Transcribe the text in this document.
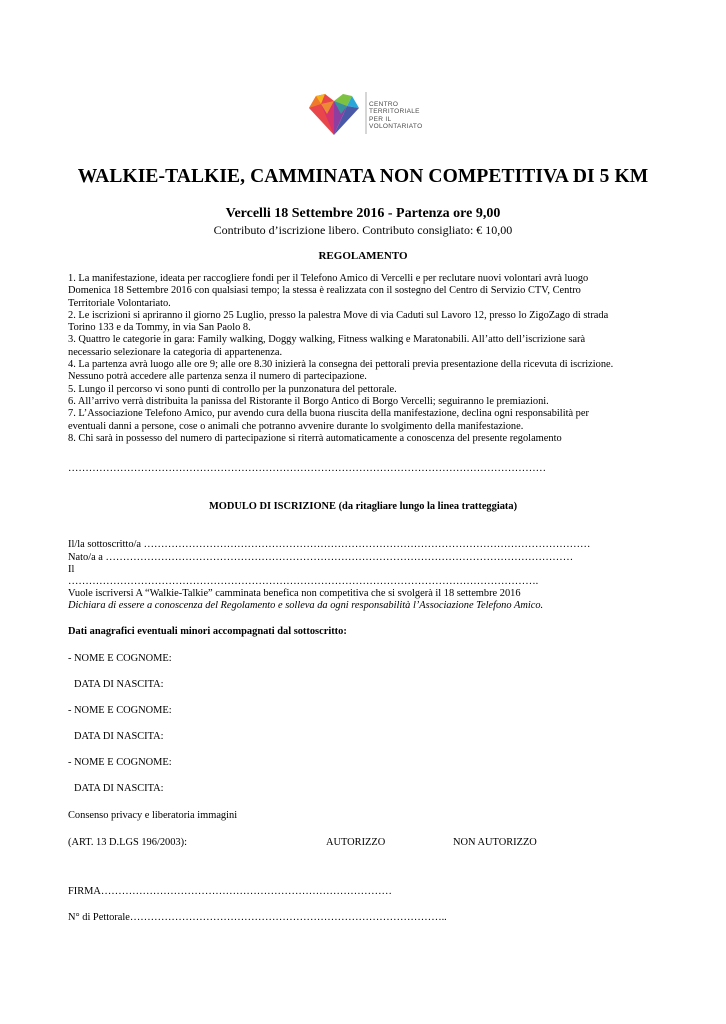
CENTRO
TERRITORIALE
PER IL
VOLONTARIATO
WALKIE-TALKIE, CAMMINATA NON COMPETITIVA DI 5 KM
Vercelli 18 Settembre 2016 - Partenza ore 9,00
Contributo d’iscrizione libero. Contributo consigliato: € 10,00
REGOLAMENTO
1. La manifestazione, ideata per raccogliere fondi per il Telefono Amico di Vercelli e per reclutare nuovi volontari avrà luogo
Domenica 18 Settembre 2016 con qualsiasi tempo; la stessa è realizzata con il sostegno del Centro di Servizio CTV, Centro
Territoriale Volontariato.
2. Le iscrizioni si apriranno il giorno 25 Luglio, presso la palestra Move di via Caduti sul Lavoro 12, presso lo ZigoZago di strada
Torino 133 e da Tommy, in via San Paolo 8.
3. Quattro le categorie in gara: Family walking, Doggy walking, Fitness walking e Maratonabili. All’atto dell’iscrizione sarà
necessario selezionare la categoria di appartenenza.
4. La partenza avrà luogo alle ore 9; alle ore 8.30 inizierà la consegna dei pettorali previa presentazione della ricevuta di iscrizione.
Nessuno potrà accedere alle partenza senza il numero di partecipazione.
5. Lungo il percorso vi sono punti di controllo per la punzonatura del pettorale.
6. All’arrivo verrà distribuita la panissa del Ristorante il Borgo Antico di Borgo Vercelli; seguiranno le premiazioni.
7. L’Associazione Telefono Amico, pur avendo cura della buona riuscita della manifestazione, declina ogni responsabilità per
eventuali danni a persone, cose o animali che potranno avvenire durante lo svolgimento della manifestazione.
8. Chi sarà in possesso del numero di partecipazione si riterrà automaticamente a conoscenza del presente regolamento
…………………………………………………………………………………………………………………………
MODULO DI ISCRIZIONE (da ritagliare lungo la linea tratteggiata)
Il/la sottoscritto/a …………………………………………………………………………………………………………………
Nato/a a ………………………………………………………………………………………………………………………
Il
……………………………………………………………………………………………………………………….
Vuole iscriversi A “Walkie-Talkie” camminata benefica non competitiva che si svolgerà il 18 settembre 2016
Dichiara di essere a conoscenza del Regolamento e solleva da ogni responsabilità l’Associazione Telefono Amico.
Dati anagrafici eventuali minori accompagnati dal sottoscritto:
- NOME E COGNOME:
DATA DI NASCITA:
- NOME E COGNOME:
DATA DI NASCITA:
- NOME E COGNOME:
DATA DI NASCITA:
Consenso privacy e liberatoria immagini
(ART. 13 D.LGS 196/2003):	AUTORIZZO	NON AUTORIZZO
FIRMA…………………………………………………………………………
N° di Pettorale………………………………………………………………………………..
